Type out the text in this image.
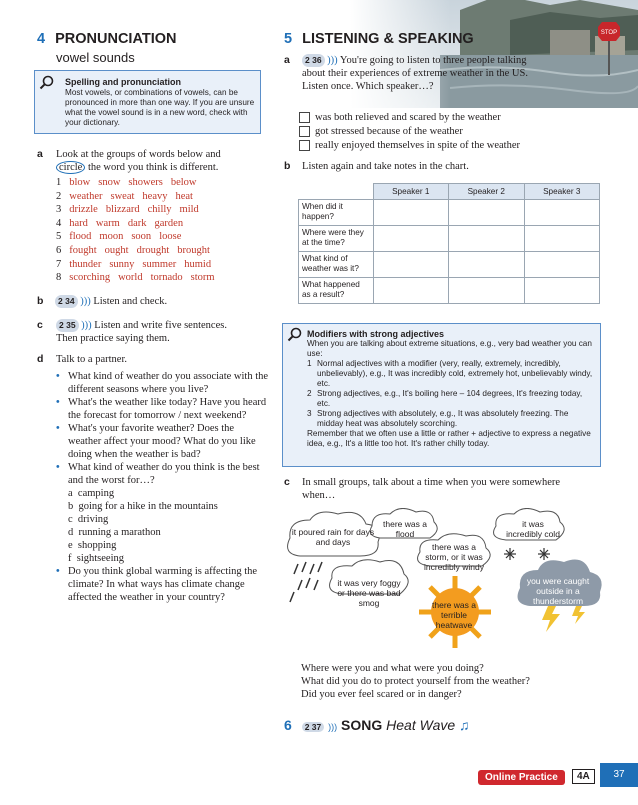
4 PRONUNCIATION
vowel sounds
Spelling and pronunciation
Most vowels, or combinations of vowels, can be pronounced in more than one way. If you are unsure what the vowel sound is in a new word, check with your dictionary.
a Look at the groups of words below and
circle the word you think is different.
1 blow snow showers below
2 weather sweat heavy heat
3 drizzle blizzard chilly mild
4 hard warm dark garden
5 flood moon soon loose
6 fought ought drought brought
7 thunder sunny summer humid
8 scorching world tornado storm
b 2 34 ))) Listen and check.
c	2 35 ))) Listen and write five sentences.
Then practice saying them.
d Talk to a partner.
• What kind of weather do you associate with the different seasons where you live?
• What's the weather like today? Have you heard the forecast for tomorrow / next weekend?
• What's your favorite weather? Does the weather affect your mood? What do you like doing when the weather is bad?
• What kind of weather do you think is the best and the worst for…?
a camping
b going for a hike in the mountains
c driving
d running a marathon
e shopping
f sightseeing
• Do you think global warming is affecting the climate? In what ways has climate change affected the weather in your country?
5 LISTENING & SPEAKING
a	2 36 ))) You're going to listen to three people talking about their experiences of extreme weather in the US. Listen once. Which speaker…?
was both relieved and scared by the weather
got stressed because of the weather
really enjoyed themselves in spite of the weather
b Listen again and take notes in the chart.
	Speaker 1	Speaker 2	Speaker 3
When did it happen?			
Where were they at the time?			
What kind of weather was it?			
What happened as a result?			
Modifiers with strong adjectives
When you are talking about extreme situations, e.g., very bad weather you can use:
1 Normal adjectives with a modifier (very, really, extremely, incredibly, unbelievably), e.g., It was incredibly cold, extremely hot, unbelievably windy, etc.
2 Strong adjectives, e.g., It's boiling here – 104 degrees, It's freezing today, etc.
3 Strong adjectives with absolutely, e.g., It was absolutely freezing. The midday heat was absolutely scorching.
Remember that we often use a little or rather + adjective to express a negative idea, e.g., It's a little too hot. It's rather chilly today.
c In small groups, talk about a time when you were somewhere when…
it poured rain for days and days
there was a flood
it was incredibly cold
there was a storm, or it was incredibly windy
it was very foggy or there was bad smog	there was a terrible heatwave
you were caught outside in a thunderstorm
Where were you and what were you doing?
What did you do to protect yourself from the weather?
Did you ever feel scared or in danger?
6 2 37 ))) SONG Heat Wave ♫
Online Practice	4A	37
